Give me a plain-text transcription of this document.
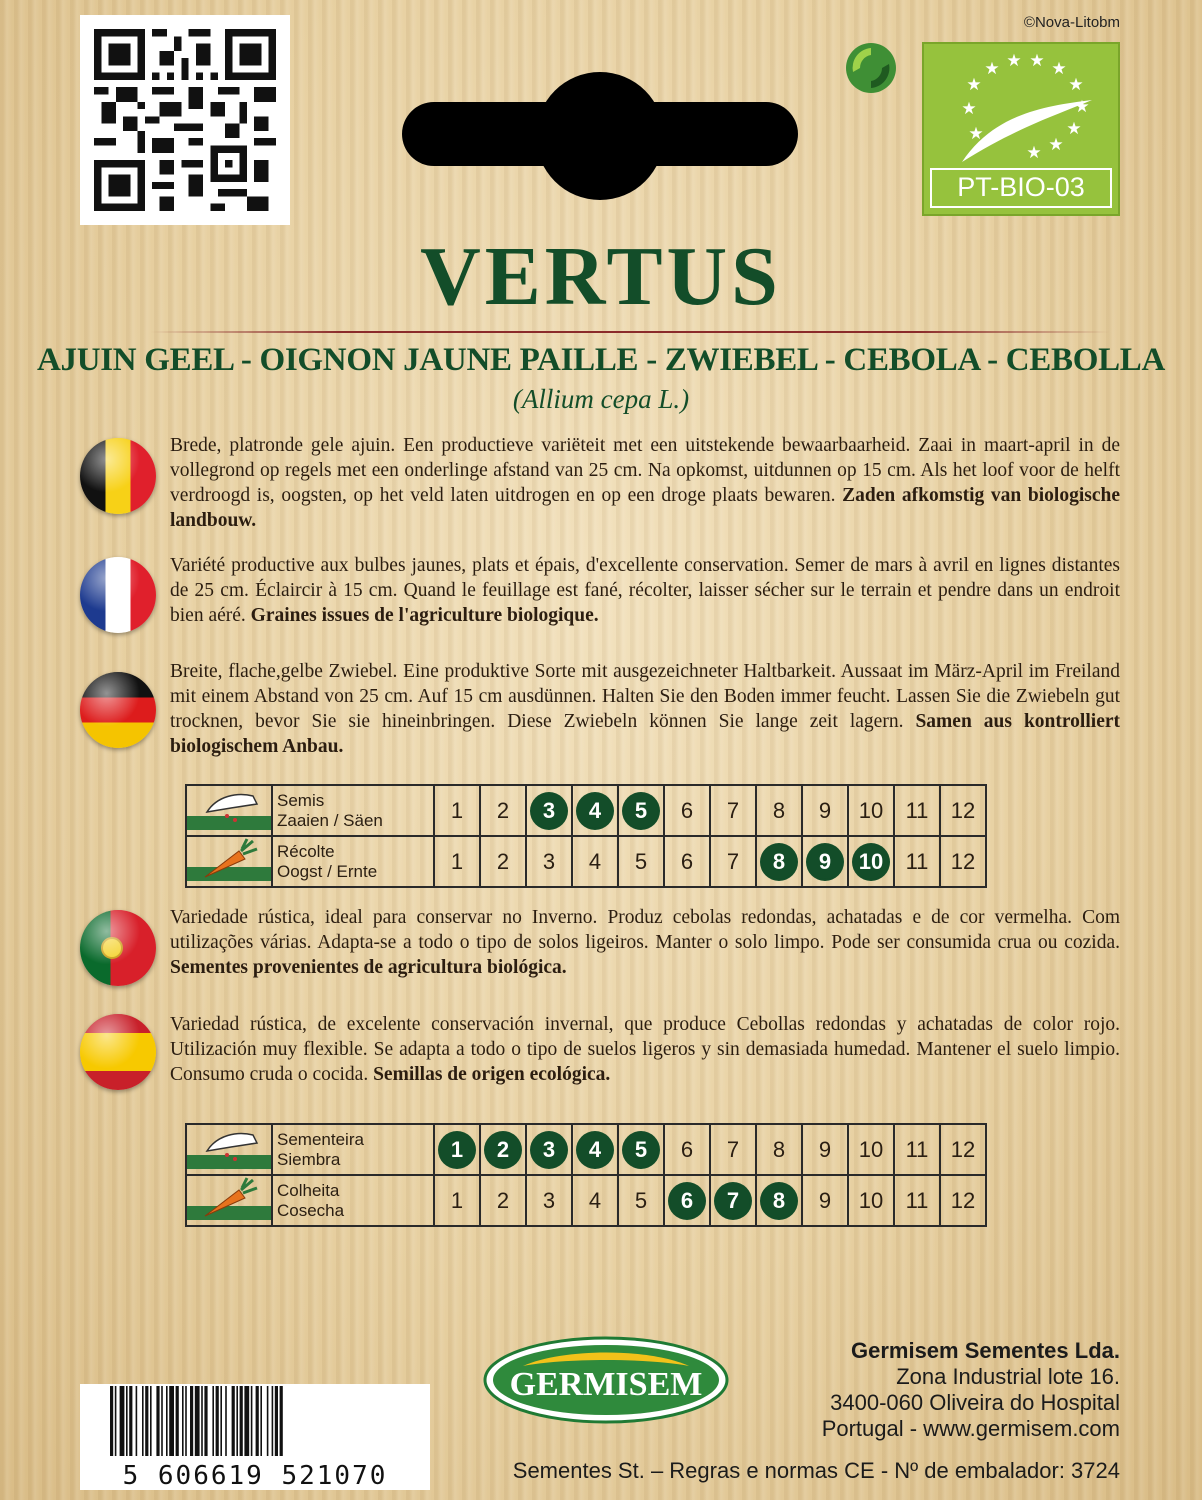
©Nova-Litobm
★
★ ★ ★ ★
★
★
★
★
★
★
★
PT-BIO-03
VERTUS
AJUIN GEEL - OIGNON JAUNE PAILLE - ZWIEBEL - CEBOLA - CEBOLLA
(Allium cepa L.)
Brede, platronde gele ajuin. Een productieve variëteit met een uitstekende bewaarbaarheid. Zaai in maart-april in de vollegrond op regels met een onderlinge afstand van 25 cm. Na opkomst, uitdunnen op 15 cm. Als het loof voor de helft verdroogd is, oogsten, op het veld laten uitdrogen en op een droge plaats bewaren. Zaden afkomstig van biologische landbouw.
Variété productive aux bulbes jaunes, plats et épais, d'excellente conservation. Semer de mars à avril en lignes distantes de 25 cm. Éclaircir à 15 cm. Quand le feuillage est fané, récolter, laisser sécher sur le terrain et pendre dans un endroit bien aéré. Graines issues de l'agriculture biologique.
Breite, flache,gelbe Zwiebel. Eine produktive Sorte mit ausgezeichneter Haltbarkeit. Aussaat im März-April im Freiland mit einem Abstand von 25 cm. Auf 15 cm ausdünnen. Halten Sie den Boden immer feucht. Lassen Sie die Zwiebeln gut trocknen, bevor Sie sie hineinbringen. Diese Zwiebeln können Sie lange zeit lagern. Samen aus kontrolliert biologischem Anbau.
	Semis
Zaaien / Säen	1	2	3	4	5	6	7	8	9	10	11	12
	Récolte
Oogst / Ernte	1	2	3	4	5	6	7	8	9	10	11	12
Variedade rústica, ideal para conservar no Inverno. Produz cebolas redondas, achatadas e de cor vermelha. Com utilizações várias. Adapta-se a todo o tipo de solos ligeiros. Manter o solo limpo. Pode ser consumida crua ou cozida. Sementes provenientes de agricultura biológica.
Variedad rústica, de excelente conservación invernal, que produce Cebollas redondas y achatadas de color rojo. Utilización muy flexible. Se adapta a todo o tipo de suelos ligeros y sin demasiada humedad. Mantener el suelo limpio. Consumo cruda o cocida. Semillas de origen ecológica.
	Sementeira
Siembra	1	2	3	4	5	6	7	8	9	10	11	12
	Colheita
Cosecha	1	2	3	4	5	6	7	8	9	10	11	12
GERMISEM
Germisem Sementes Lda.
Zona Industrial lote 16.
3400-060 Oliveira do Hospital
Portugal - www.germisem.com
5 606619 521070	Sementes St. – Regras e normas CE - Nº de embalador: 3724
